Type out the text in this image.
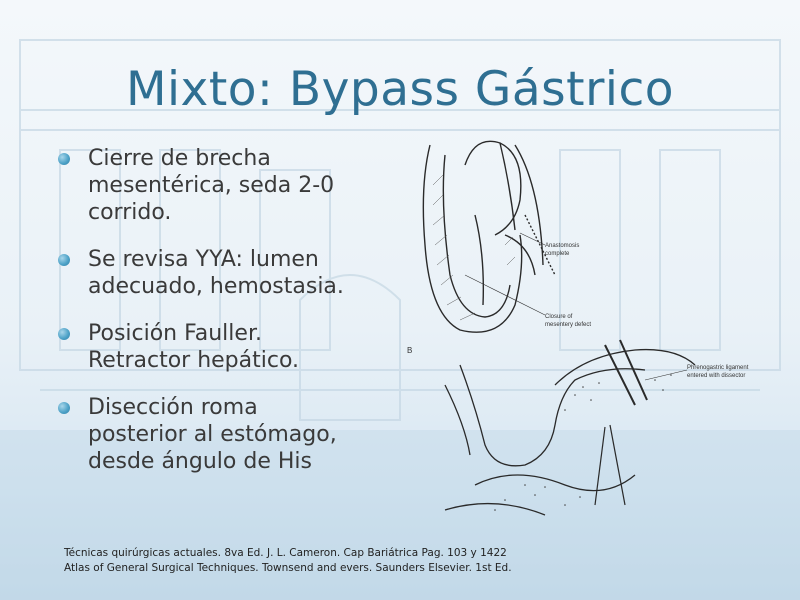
Mixto: Bypass Gástrico
Cierre de brecha
mesentérica, seda 2-0
corrido.
Se revisa YYA: lumen
adecuado, hemostasia.
Posición Fauller.
Retractor hepático.
Disección roma
posterior al estómago,
desde ángulo de His
Anastomosis
complete
Closure of
mesentery defect
B
Phrenogastric ligament
entered with dissector
Técnicas quirúrgicas actuales. 8va Ed. J. L. Cameron. Cap Bariátrica Pag. 103 y 1422
Atlas of General Surgical Techniques. Townsend and evers. Saunders Elsevier. 1st Ed.
